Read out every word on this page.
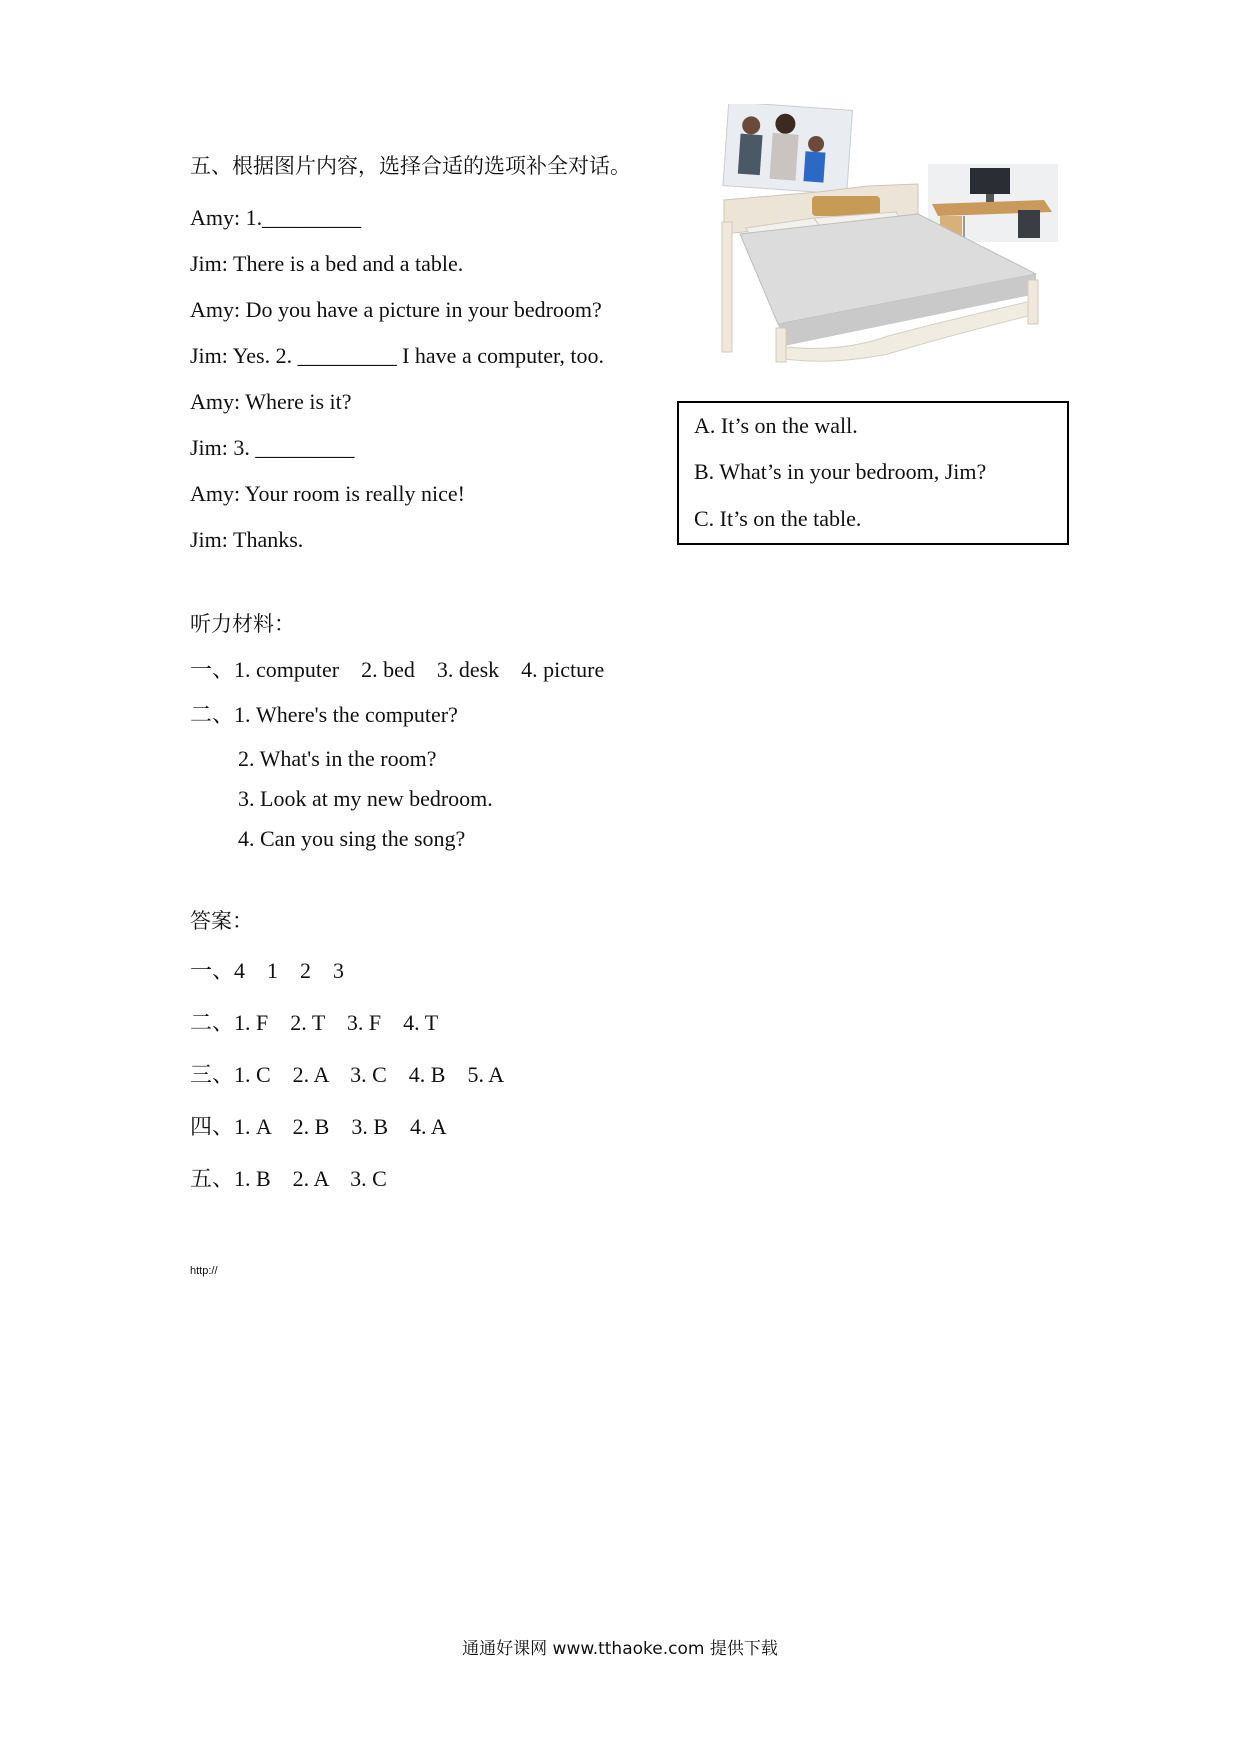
五、根据图片内容，选择合适的选项补全对话。
Amy: 1._________
Jim: There is a bed and a table.
Amy: Do you have a picture in your bedroom?
Jim: Yes. 2. _________ I have a computer, too.
Amy: Where is it?
Jim: 3. _________
Amy: Your room is really nice!
Jim: Thanks.
A. It’s on the wall.
B. What’s in your bedroom, Jim?
C. It’s on the table.
听力材料：
一、1. computer    2. bed    3. desk    4. picture
二、1. Where's the computer?
2. What's in the room?
3. Look at my new bedroom.
4. Can you sing the song?
答案：
一、4    1    2    3
二、1. F    2. T    3. F    4. T
三、1. C    2. A    3. C    4. B    5. A
四、1. A    2. B    3. B    4. A
五、1. B    2. A    3. C
http://
通通好课网 www.tthaoke.com 提供下载
